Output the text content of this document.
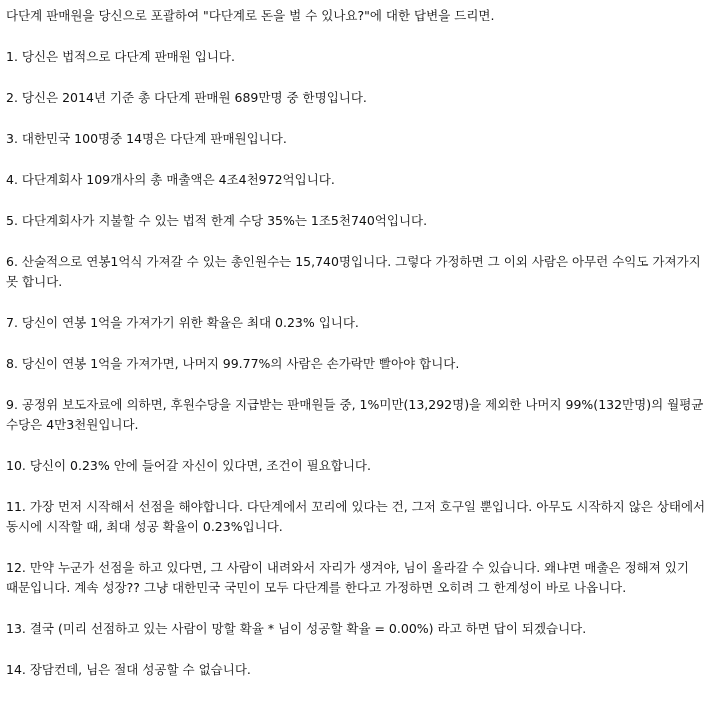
다단계 판매원을 당신으로 포괄하여 "다단계로 돈을 벌 수 있나요?"에 대한 답변을 드리면.
1. 당신은 법적으로 다단계 판매원 입니다.
2. 당신은 2014년 기준 총 다단계 판매원 689만명 중 한명입니다.
3. 대한민국 100명중 14명은 다단계 판매원입니다.
4. 다단계회사 109개사의 총 매출액은 4조4천972억입니다.
5. 다단계회사가 지불할 수 있는 법적 한계 수당 35%는 1조5천740억입니다.
6. 산술적으로 연봉1억식 가져갈 수 있는 총인원수는 15,740명입니다. 그렇다 가정하면 그 이외 사람은 아무런 수익도 가져가지 못 합니다.
7. 당신이 연봉 1억을 가져가기 위한 확율은 최대 0.23% 입니다.
8. 당신이 연봉 1억을 가져가면, 나머지 99.77%의 사람은 손가락만 빨아야 합니다.
9. 공정위 보도자료에 의하면, 후원수당을 지급받는 판매원들 중, 1%미만(13,292명)을 제외한 나머지 99%(132만명)의 월평균 수당은 4만3천원입니다.
10. 당신이 0.23% 안에 들어갈 자신이 있다면, 조건이 필요합니다.
11. 가장 먼저 시작해서 선점을 해야합니다. 다단계에서 꼬리에 있다는 건, 그저 호구일 뿐입니다. 아무도 시작하지 않은 상태에서 동시에 시작할 때, 최대 성공 확율이 0.23%입니다.
12. 만약 누군가 선점을 하고 있다면, 그 사람이 내려와서 자리가 생겨야, 님이 올라갈 수 있습니다. 왜냐면 매출은 정해져 있기 때문입니다. 계속 성장?? 그냥 대한민국 국민이 모두 다단계를 한다고 가정하면 오히려 그 한계성이 바로 나옵니다.
13. 결국 (미리 선점하고 있는 사람이 망할 확율 * 님이 성공할 확율 = 0.00%) 라고 하면 답이 되겠습니다.
14. 장담컨데, 님은 절대 성공할 수 없습니다.
